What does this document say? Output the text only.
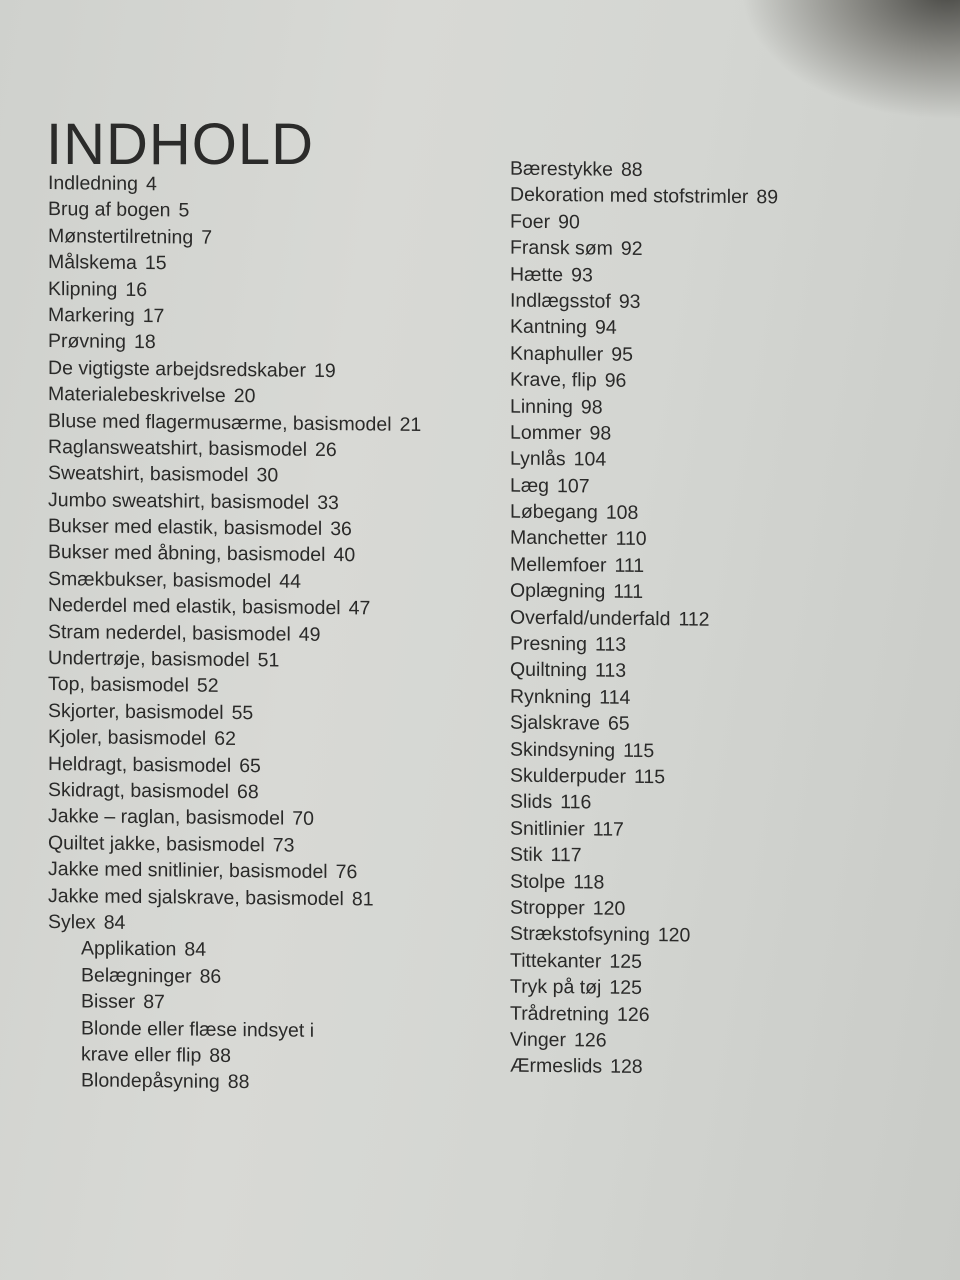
INDHOLD
Indledning 4
Brug af bogen 5
Mønstertilretning 7
Målskema 15
Klipning 16
Markering 17
Prøvning 18
De vigtigste arbejdsredskaber 19
Materialebeskrivelse 20
Bluse med flagermusærme, basismodel 21
Raglansweatshirt, basismodel 26
Sweatshirt, basismodel 30
Jumbo sweatshirt, basismodel 33
Bukser med elastik, basismodel 36
Bukser med åbning, basismodel 40
Smækbukser, basismodel 44
Nederdel med elastik, basismodel 47
Stram nederdel, basismodel 49
Undertrøje, basismodel 51
Top, basismodel 52
Skjorter, basismodel 55
Kjoler, basismodel 62
Heldragt, basismodel 65
Skidragt, basismodel 68
Jakke – raglan, basismodel 70
Quiltet jakke, basismodel 73
Jakke med snitlinier, basismodel 76
Jakke med sjalskrave, basismodel 81
Sylex 84
Applikation 84
Belægninger 86
Bisser 87
Blonde eller flæse indsyet i
krave eller flip 88
Blondepåsyning 88
Bærestykke 88
Dekoration med stofstrimler 89
Foer 90
Fransk søm 92
Hætte 93
Indlægsstof 93
Kantning 94
Knaphuller 95
Krave, flip 96
Linning 98
Lommer 98
Lynlås 104
Læg 107
Løbegang 108
Manchetter 110
Mellemfoer 111
Oplægning 111
Overfald/underfald 112
Presning 113
Quiltning 113
Rynkning 114
Sjalskrave 65
Skindsyning 115
Skulderpuder 115
Slids 116
Snitlinier 117
Stik 117
Stolpe 118
Stropper 120
Strækstofsyning 120
Tittekanter 125
Tryk på tøj 125
Trådretning 126
Vinger 126
Ærmeslids 128
